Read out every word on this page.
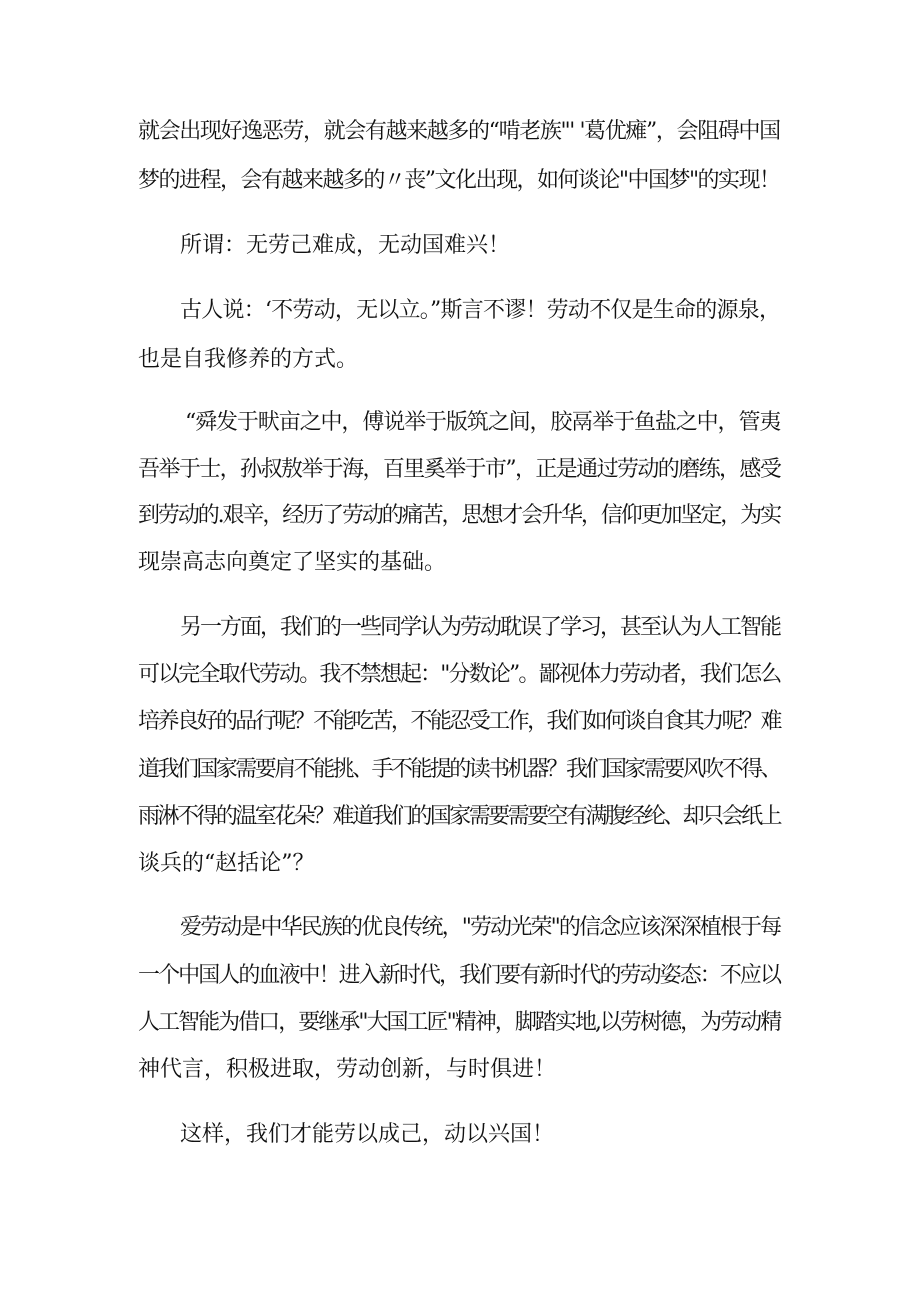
就会出现好逸恶劳，就会有越来越多的“啃老族"' '葛优瘫”，会阻碍中国
梦的进程，会有越来越多的〃丧”文化出现，如何谈论"中国梦"的实现！
所谓：无劳己难成，无动国难兴！
古人说：‘不劳动，无以立。”斯言不谬！劳动不仅是生命的源泉，
也是自我修养的方式。
“舜发于畎亩之中，傅说举于版筑之间，胶鬲举于鱼盐之中，管夷
吾举于士，孙叔敖举于海，百里奚举于市”，正是通过劳动的磨练，感受
到劳动的.艰辛，经历了劳动的痛苦，思想才会升华，信仰更加坚定，为实
现崇高志向奠定了坚实的基础。
另一方面，我们的一些同学认为劳动耽误了学习，甚至认为人工智能
可以完全取代劳动。我不禁想起："分数论”。鄙视体力劳动者，我们怎么
培养良好的品行呢？不能吃苦，不能忍受工作，我们如何谈自食其力呢？难
道我们国家需要肩不能挑、手不能提的读书机器？我们国家需要风吹不得、
雨淋不得的温室花朵？难道我们的国家需要需要空有满腹经纶、却只会纸上
谈兵的“赵括论”？
爱劳动是中华民族的优良传统，"劳动光荣"的信念应该深深植根于每
一个中国人的血液中！进入新时代，我们要有新时代的劳动姿态：不应以
人工智能为借口，要继承"大国工匠"精神，脚踏实地,以劳树德，为劳动精
神代言，积极进取，劳动创新，与时俱进！
这样，我们才能劳以成己，动以兴国！
